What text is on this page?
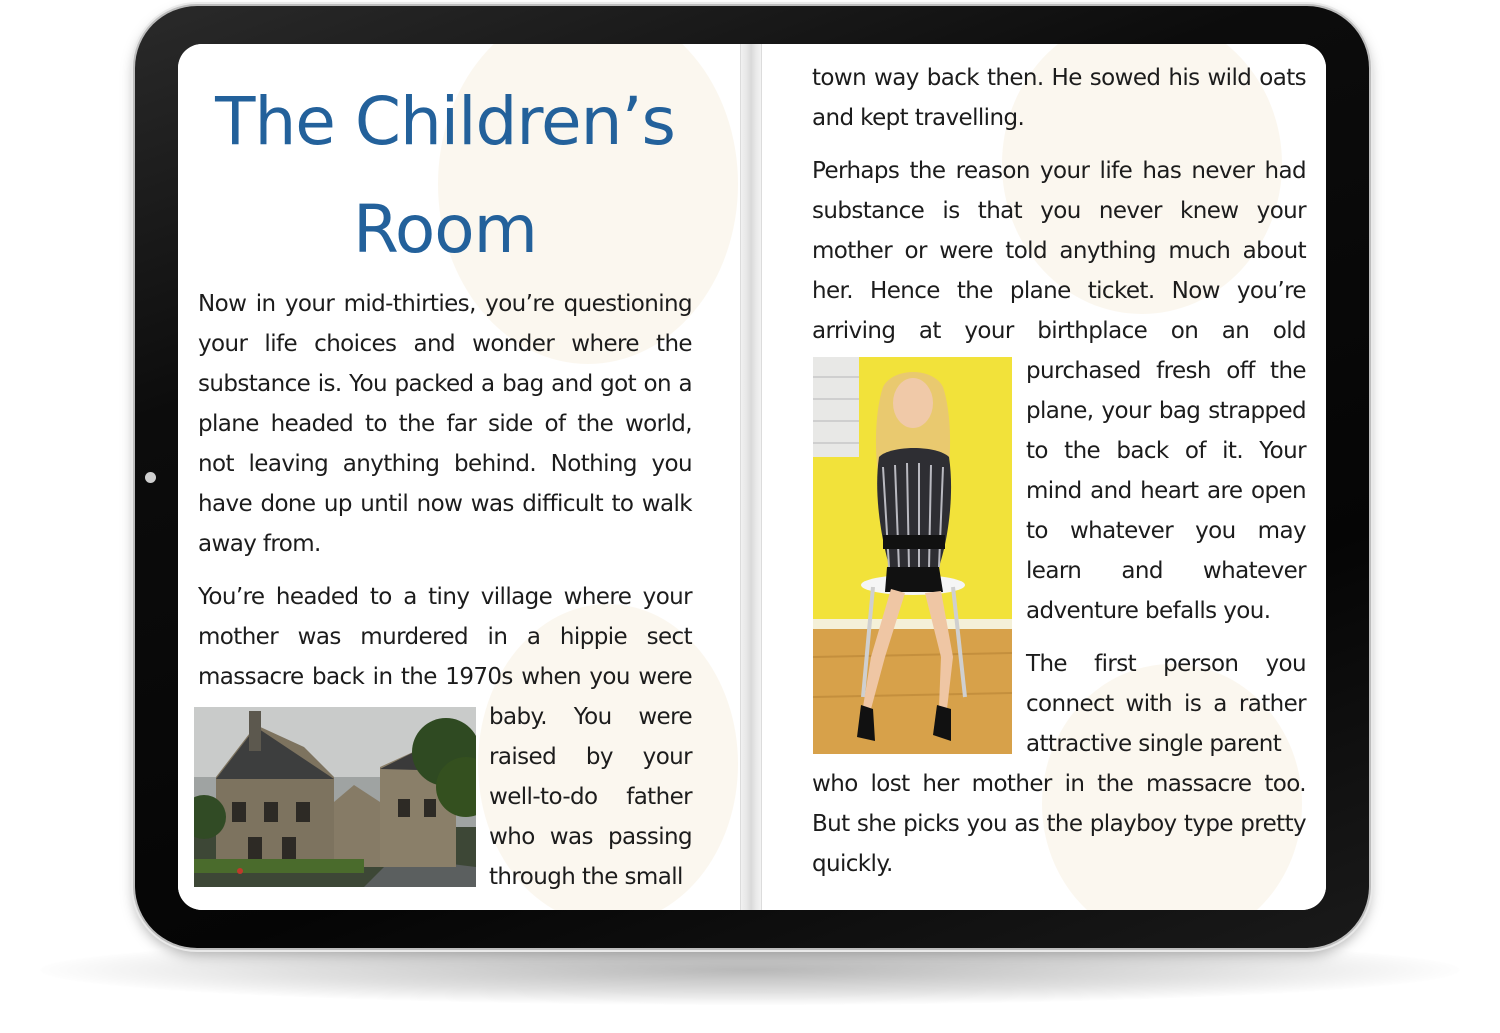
The Children’s Room

Now in your mid-thirties, you’re questioning your life choices and wonder where the substance is. You packed a bag and got on a plane headed to the far side of the world, not leaving anything behind. Nothing you have done up until now was difficult to walk away from.

You’re headed to a tiny village where your mother was murdered in a hippie sect massacre back in the 1970s when you were

baby. You were raised by your well-to-do father who was passing through the small

town way back then. He sowed his wild oats and kept travelling.

Perhaps the reason your life has never had substance is that you never knew your mother or were told anything much about her. Hence the plane ticket. Now you’re arriving at your birthplace on an old

purchased fresh off the plane, your bag strapped to the back of it. Your mind and heart are open to whatever you may learn and whatever adventure befalls you.

The first person you connect with is a rather attractive single parent

who lost her mother in the massacre too. But she picks you as the playboy type pretty quickly.
